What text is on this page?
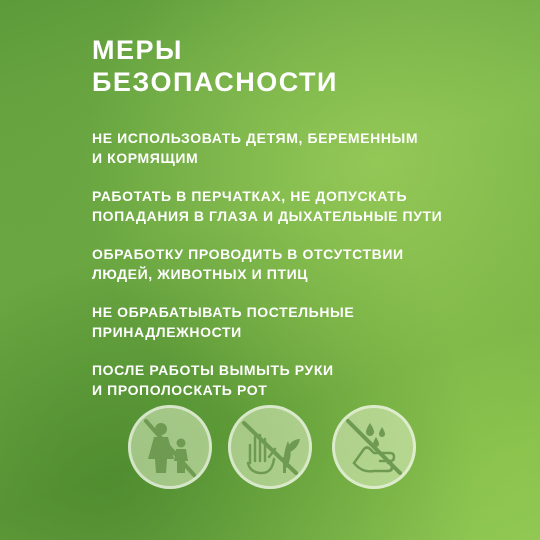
МЕРЫ
БЕЗОПАСНОСТИ
НЕ ИСПОЛЬЗОВАТЬ ДЕТЯМ, БЕРЕМЕННЫМ
И КОРМЯЩИМ
РАБОТАТЬ В ПЕРЧАТКАХ, НЕ ДОПУСКАТЬ
ПОПАДАНИЯ В ГЛАЗА И ДЫХАТЕЛЬНЫЕ ПУТИ
ОБРАБОТКУ ПРОВОДИТЬ В ОТСУТСТВИИ
ЛЮДЕЙ, ЖИВОТНЫХ И ПТИЦ
НЕ ОБРАБАТЫВАТЬ ПОСТЕЛЬНЫЕ
ПРИНАДЛЕЖНОСТИ
ПОСЛЕ РАБОТЫ ВЫМЫТЬ РУКИ
И ПРОПОЛОСКАТЬ РОТ
